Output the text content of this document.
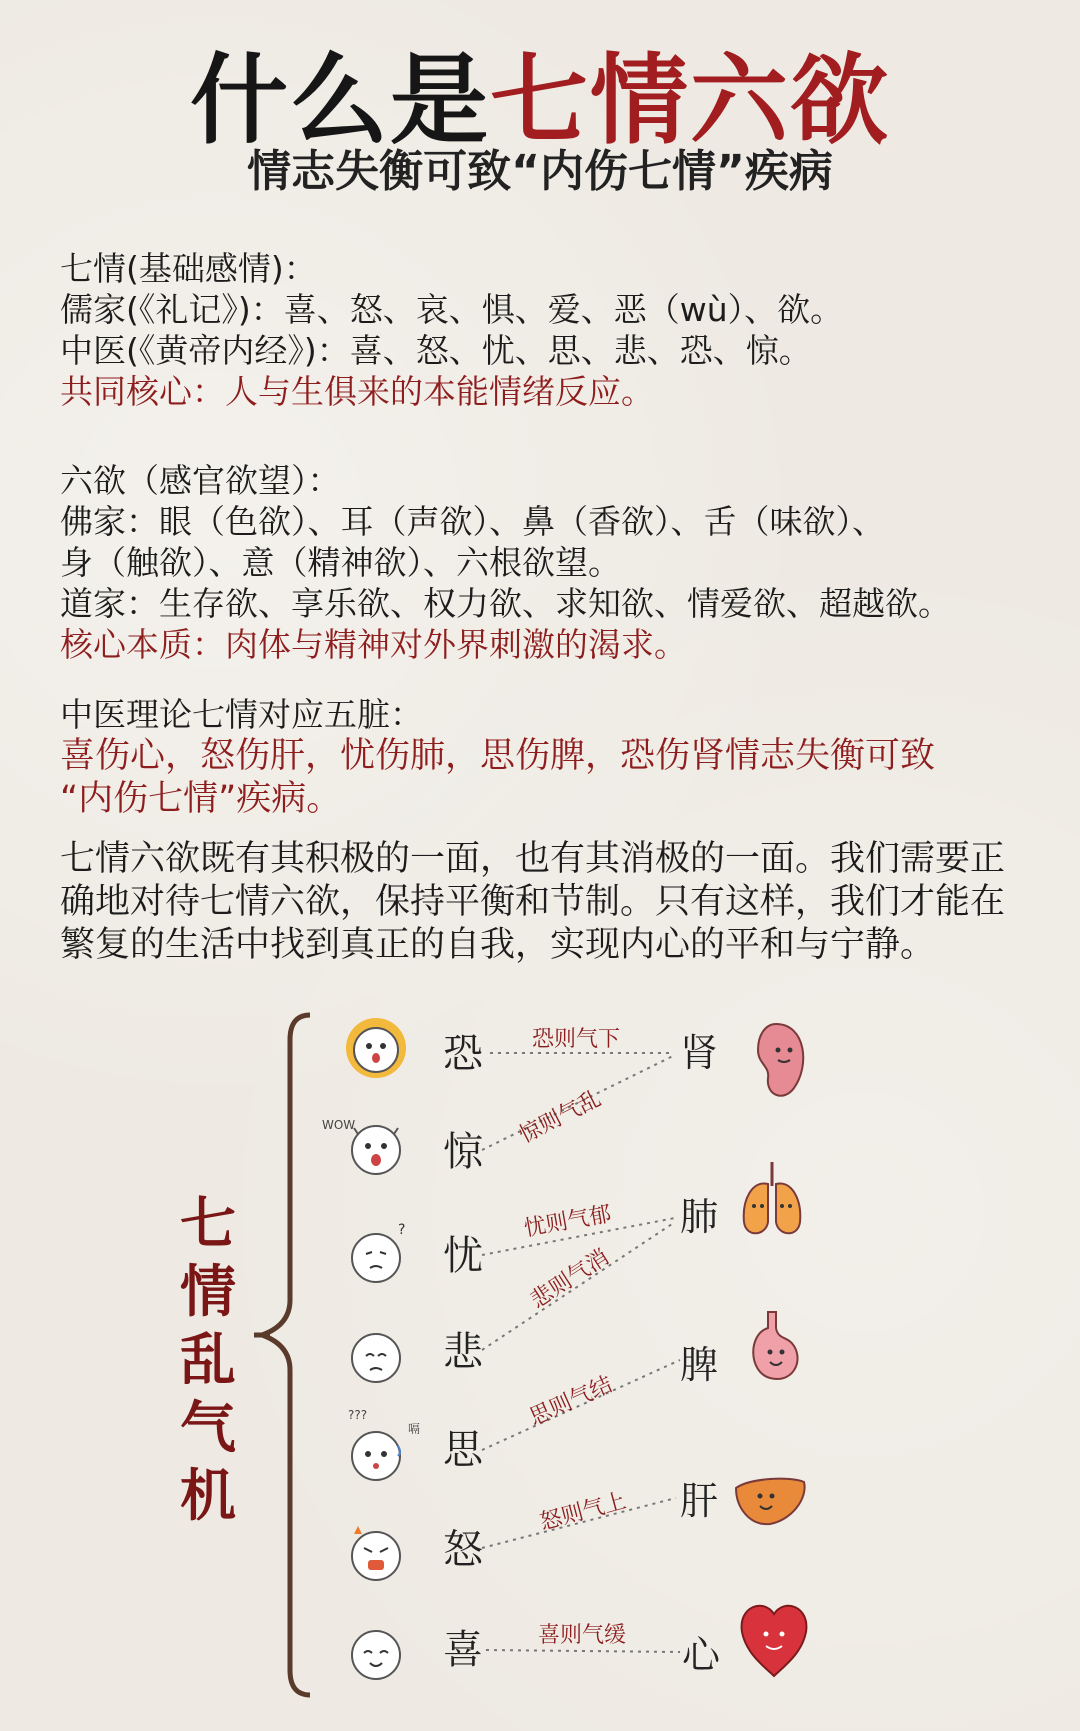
什么是七情六欲
情志失衡可致“内伤七情”疾病
七情(基础感情)：
儒家(《礼记》)：喜、怒、哀、惧、爱、恶（wù）、欲。
中医(《黄帝内经》)：喜、怒、忧、思、悲、恐、惊。
共同核心：人与生俱来的本能情绪反应。
六欲（感官欲望）：
佛家：眼（色欲）、耳（声欲）、鼻（香欲）、舌（味欲）、
身（触欲）、意（精神欲）、六根欲望。
道家：生存欲、享乐欲、权力欲、求知欲、情爱欲、超越欲。
核心本质：肉体与精神对外界刺激的渴求。
中医理论七情对应五脏：
喜伤心，怒伤肝，忧伤肺，思伤脾，恐伤肾情志失衡可致
“内伤七情”疾病。
七情六欲既有其积极的一面，也有其消极的一面。我们需要正
确地对待七情六欲，保持平衡和节制。只有这样，我们才能在
繁复的生活中找到真正的自我，实现内心的平和与宁静。
七
情
乱
气
机
WOW
?
???
嗝
恐
惊
忧
悲
思
怒
喜
恐则气下
惊则气乱
忧则气郁
悲则气消
思则气结
怒则气上
喜则气缓
肾
肺
脾
肝
心
